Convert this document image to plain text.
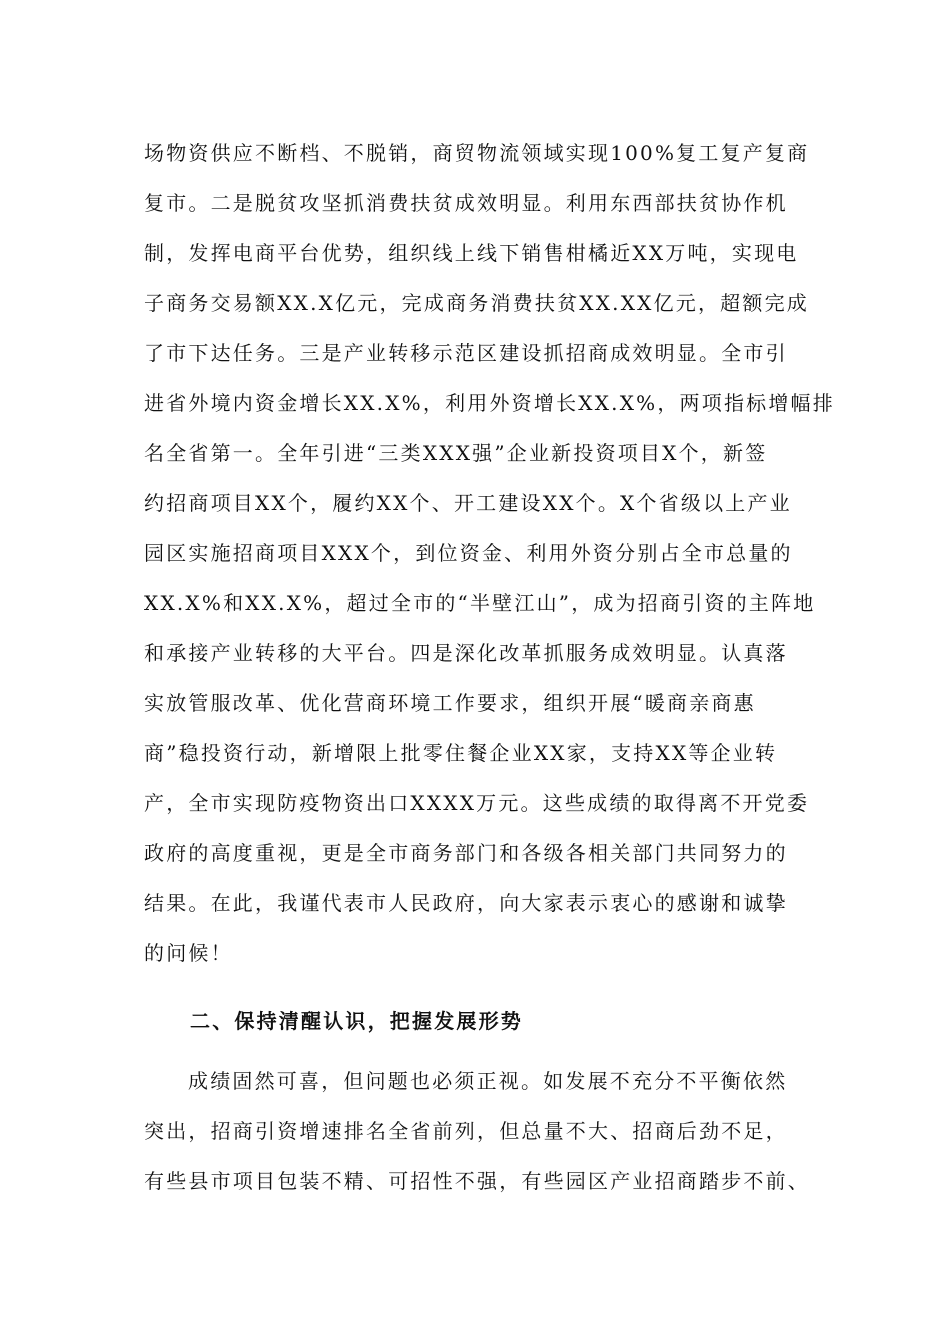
场物资供应不断档、不脱销，商贸物流领域实现100%复工复产复商
复市。二是脱贫攻坚抓消费扶贫成效明显。利用东西部扶贫协作机
制，发挥电商平台优势，组织线上线下销售柑橘近XX万吨，实现电
子商务交易额XX.X亿元，完成商务消费扶贫XX.XX亿元，超额完成
了市下达任务。三是产业转移示范区建设抓招商成效明显。全市引
进省外境内资金增长XX.X%，利用外资增长XX.X%，两项指标增幅排
名全省第一。全年引进“三类XXX强”企业新投资项目X个，新签
约招商项目XX个，履约XX个、开工建设XX个。X个省级以上产业
园区实施招商项目XXX个，到位资金、利用外资分别占全市总量的
XX.X%和XX.X%，超过全市的“半壁江山”，成为招商引资的主阵地
和承接产业转移的大平台。四是深化改革抓服务成效明显。认真落
实放管服改革、优化营商环境工作要求，组织开展“暖商亲商惠
商”稳投资行动，新增限上批零住餐企业XX家，支持XX等企业转
产，全市实现防疫物资出口XXXX万元。这些成绩的取得离不开党委
政府的高度重视，更是全市商务部门和各级各相关部门共同努力的
结果。在此，我谨代表市人民政府，向大家表示衷心的感谢和诚挚
的问候！
二、保持清醒认识，把握发展形势
成绩固然可喜，但问题也必须正视。如发展不充分不平衡依然
突出，招商引资增速排名全省前列，但总量不大、招商后劲不足，
有些县市项目包装不精、可招性不强，有些园区产业招商踏步不前、
